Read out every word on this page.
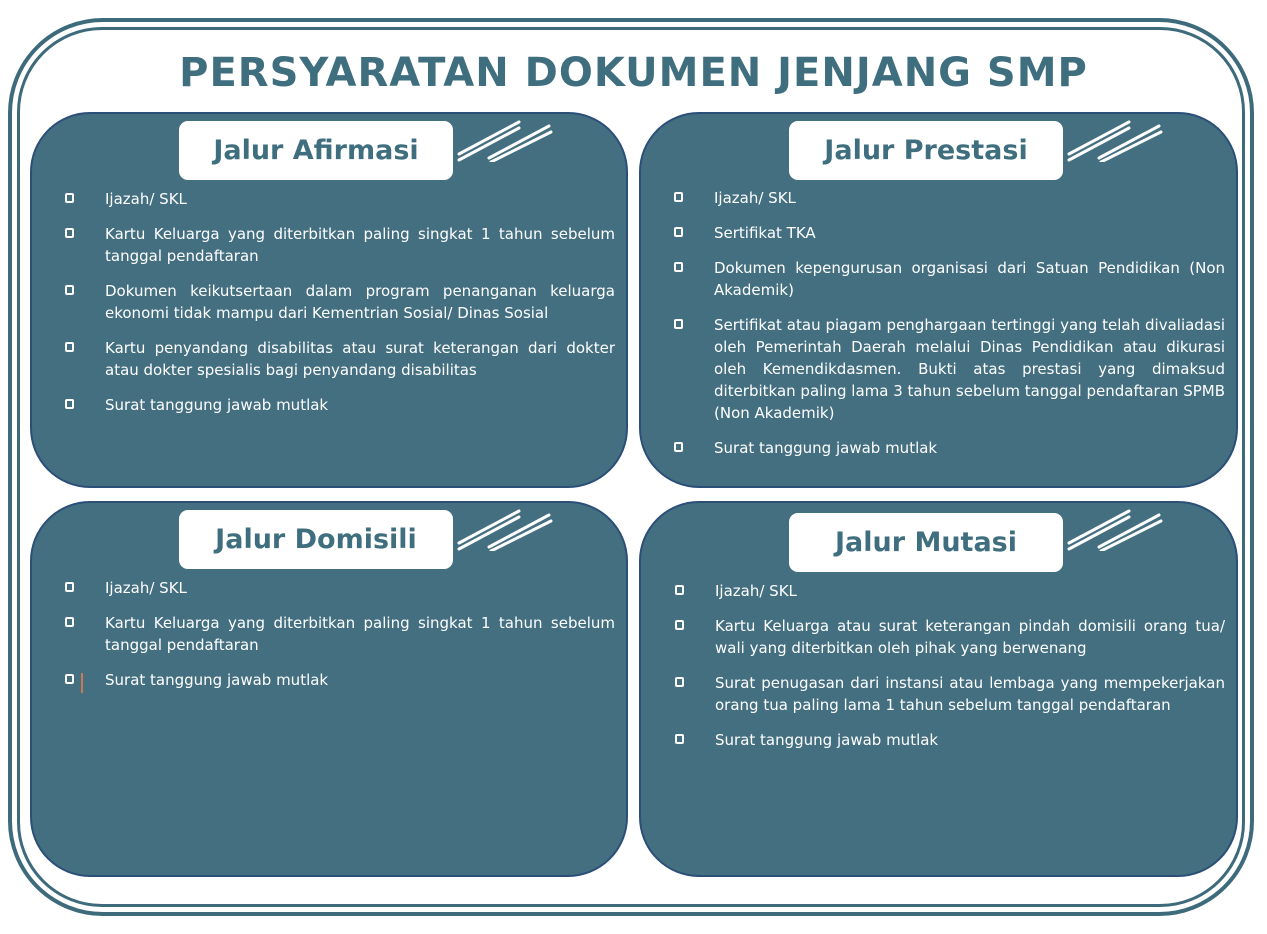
PERSYARATAN DOKUMEN JENJANG SMP
Jalur Afirmasi
Ijazah/ SKL
Kartu Keluarga yang diterbitkan paling singkat 1 tahun sebelum tanggal pendaftaran
Dokumen keikutsertaan dalam program penanganan keluarga ekonomi tidak mampu dari Kementrian Sosial/ Dinas Sosial
Kartu penyandang disabilitas atau surat keterangan dari dokter atau dokter spesialis bagi penyandang disabilitas
Surat tanggung jawab mutlak
Jalur Prestasi
Ijazah/ SKL
Sertifikat TKA
Dokumen kepengurusan organisasi dari Satuan Pendidikan (Non Akademik)
Sertifikat atau piagam penghargaan tertinggi yang telah divaliadasi oleh Pemerintah Daerah melalui Dinas Pendidikan atau dikurasi oleh Kemendikdasmen. Bukti atas prestasi yang dimaksud diterbitkan paling lama 3 tahun sebelum tanggal pendaftaran SPMB (Non Akademik)
Surat tanggung jawab mutlak
Jalur Domisili
Ijazah/ SKL
Kartu Keluarga yang diterbitkan paling singkat 1 tahun sebelum tanggal pendaftaran
Surat tanggung jawab mutlak
Jalur Mutasi
Ijazah/ SKL
Kartu Keluarga atau surat keterangan pindah domisili orang tua/ wali yang diterbitkan oleh pihak yang berwenang
Surat penugasan dari instansi atau lembaga yang mempekerjakan orang tua paling lama 1 tahun sebelum tanggal pendaftaran
Surat tanggung jawab mutlak
